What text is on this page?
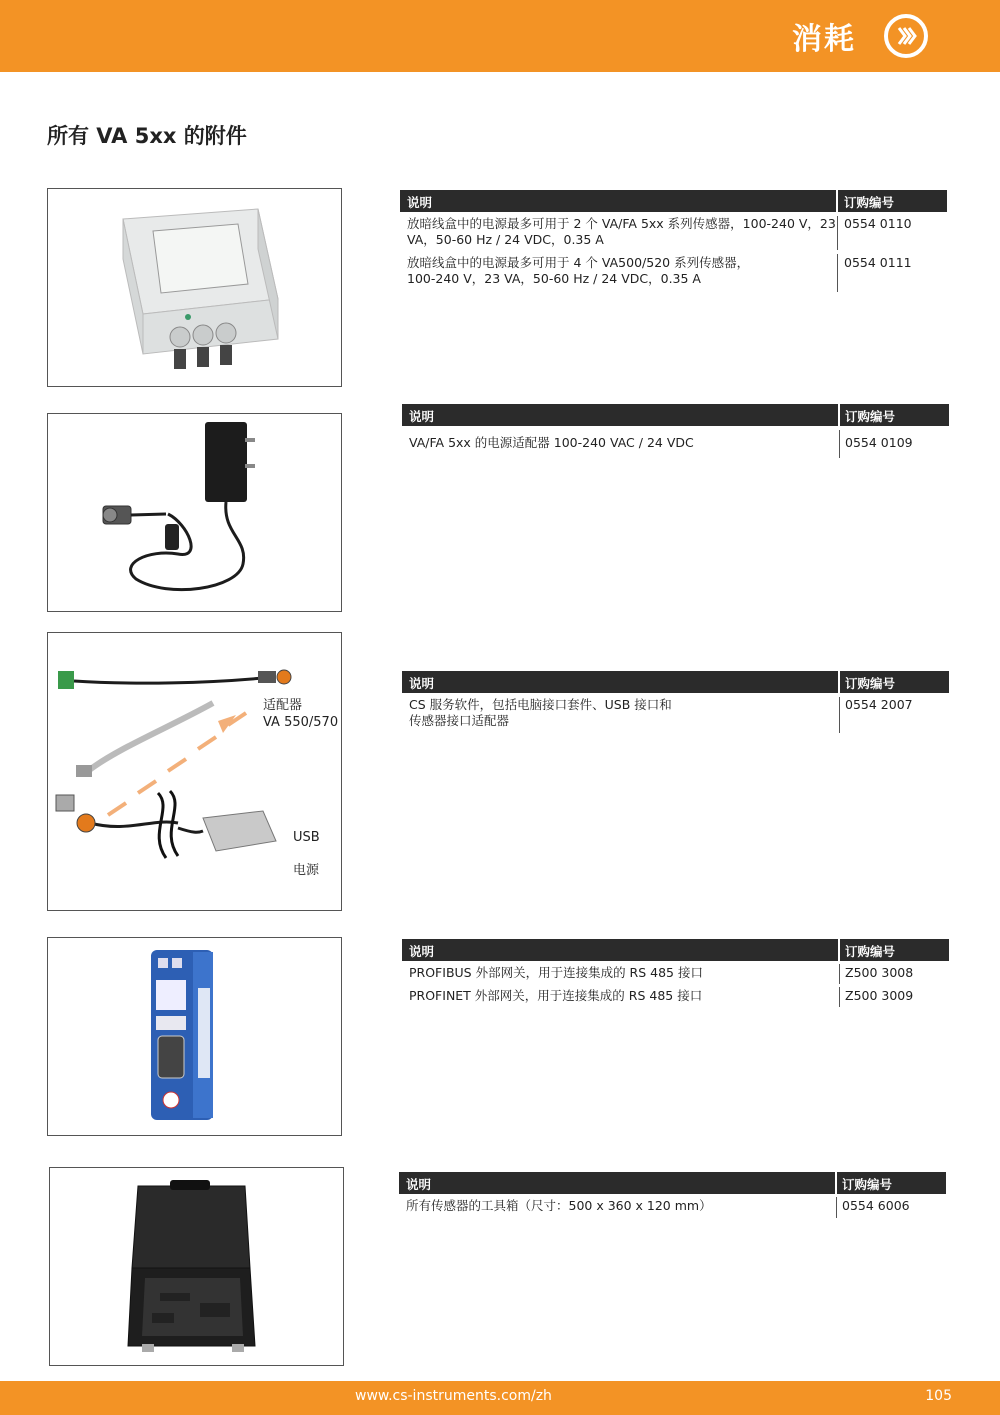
消耗
所有 VA 5xx 的附件
说明	订购编号
放暗线盒中的电源最多可用于 2 个 VA/FA 5xx 系列传感器，100-240 V，23
VA，50-60 Hz / 24 VDC，0.35 A
0554 0110
放暗线盒中的电源最多可用于 4 个 VA500/520 系列传感器，
100-240 V，23 VA，50-60 Hz / 24 VDC，0.35 A
0554 0111
说明	订购编号
VA/FA 5xx 的电源适配器 100-240 VAC / 24 VDC	0554 0109
适配器
VA 550/570
USB
电源
说明	订购编号
CS 服务软件，包括电脑接口套件、USB 接口和
传感器接口适配器
0554 2007
说明	订购编号
PROFIBUS 外部网关，用于连接集成的 RS 485 接口	Z500 3008
PROFINET 外部网关，用于连接集成的 RS 485 接口	Z500 3009
说明	订购编号
所有传感器的工具箱（尺寸：500 x 360 x 120 mm）	0554 6006
www.cs-instruments.com/zh	105
